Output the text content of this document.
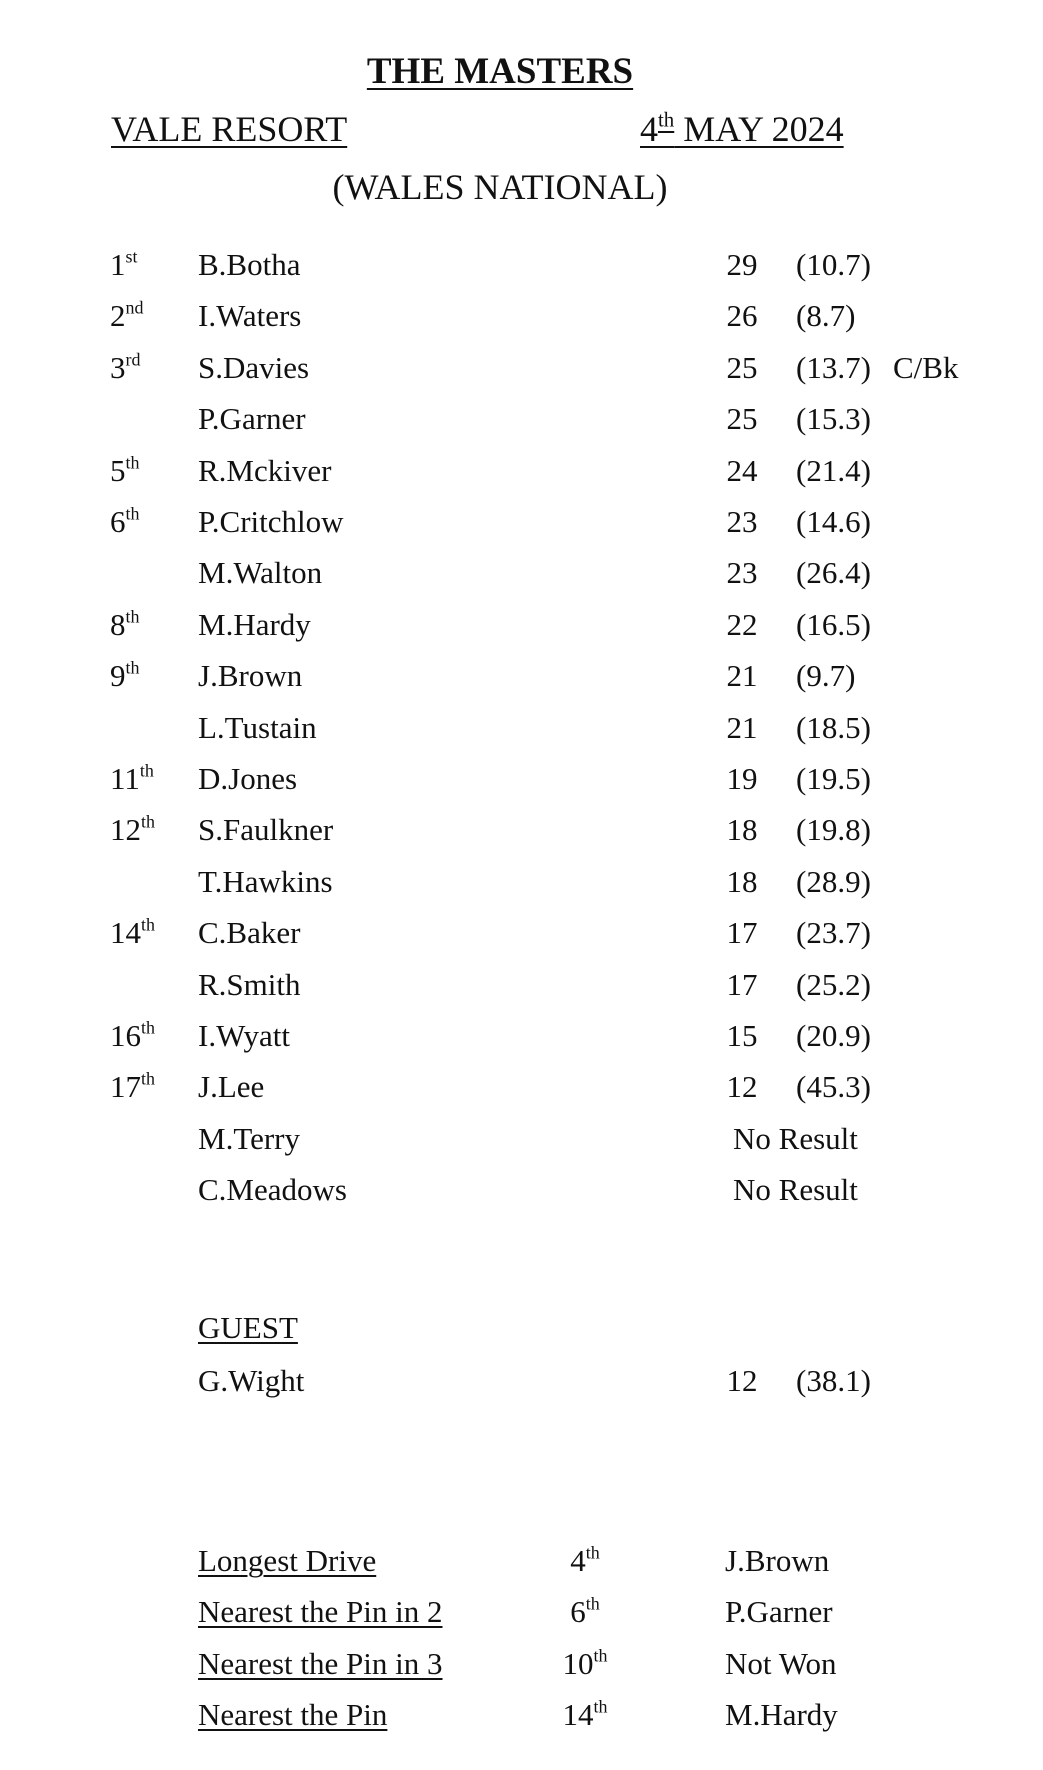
THE MASTERS
VALE RESORT	4th MAY 2024
(WALES NATIONAL)
1st B.Botha	29 (10.7)
2nd I.Waters	26 (8.7)
3rd S.Davies	25 (13.7) C/Bk
P.Garner	25 (15.3)
5th R.Mckiver	24 (21.4)
6th P.Critchlow	23 (14.6)
M.Walton	23 (26.4)
8th M.Hardy	22 (16.5)
9th J.Brown	21 (9.7)
L.Tustain	21 (18.5)
11th D.Jones	19 (19.5)
12th S.Faulkner	18 (19.8)
T.Hawkins	18 (28.9)
14th C.Baker	17 (23.7)
R.Smith	17 (25.2)
16th I.Wyatt	15 (20.9)
17th J.Lee	12 (45.3)
M.Terry	No Result
C.Meadows	No Result
GUEST
G.Wight	12 (38.1)
Longest Drive	4th	J.Brown
Nearest the Pin in 2	6th	P.Garner
Nearest the Pin in 3	10th	Not Won
Nearest the Pin	14th	M.Hardy
